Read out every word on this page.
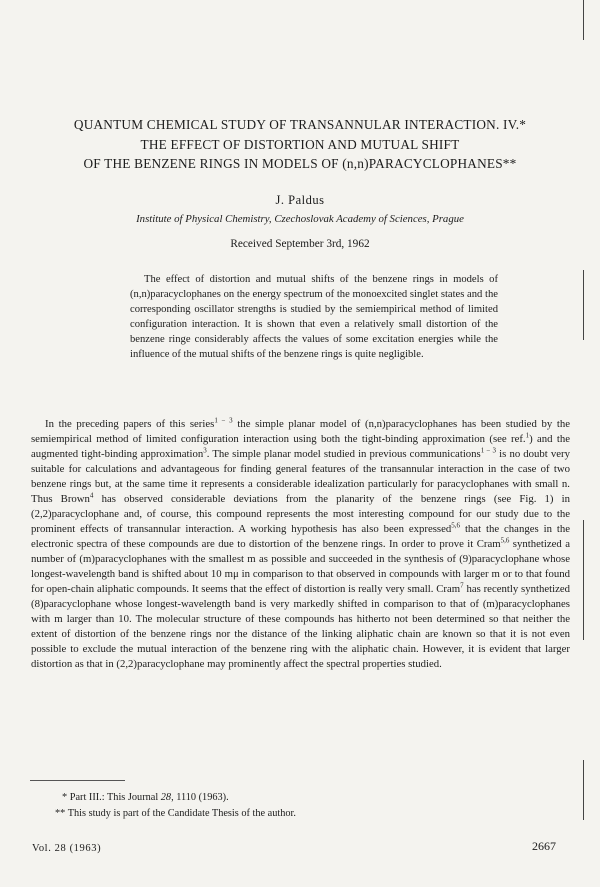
QUANTUM CHEMICAL STUDY OF TRANSANNULAR INTERACTION. IV.*
THE EFFECT OF DISTORTION AND MUTUAL SHIFT
OF THE BENZENE RINGS IN MODELS OF (n,n)PARACYCLOPHANES**
J. Paldus
Institute of Physical Chemistry, Czechoslovak Academy of Sciences, Prague
Received September 3rd, 1962
The effect of distortion and mutual shifts of the benzene rings in models of (n,n)paracyclophanes on the energy spectrum of the monoexcited singlet states and the corresponding oscillator strengths is studied by the semiempirical method of limited configuration interaction. It is shown that even a relatively small distortion of the benzene ringe considerably affects the values of some excitation energies while the influence of the mutual shifts of the benzene rings is quite negligible.
In the preceding papers of this series$^{1 - 3}$ the simple planar model of (n,n)paracyclophanes has been studied by the semiempirical method of limited configuration interaction using both the tight-binding approximation (see ref.$^1$) and the augmented tight-binding approximation$^3$. The simple planar model studied in previous communications$^{1 - 3}$ is no doubt very suitable for calculations and advantageous for finding general features of the transannular interaction in the case of two benzene rings but, at the same time it represents a considerable idealization particularly for paracyclophanes with small n. Thus Brown$^4$ has observed considerable deviations from the planarity of the benzene rings (see Fig. 1) in (2,2)paracyclophane and, of course, this compound represents the most interesting compound for our study due to the prominent effects of transannular interaction. A working hypothesis has also been expressed$^{5,6}$ that the changes in the electronic spectra of these compounds are due to distortion of the benzene rings. In order to prove it Cram$^{5,6}$ synthetized a number of (m)paracyclophanes with the smallest m as possible and succeeded in the synthesis of (9)paracyclophane whose longest-wavelength band is shifted about 10 mμ in comparison to that observed in compounds with larger m or to that found for open-chain aliphatic compounds. It seems that the effect of distortion is really very small. Cram$^7$ has recently synthetized (8)paracyclophane whose longest-wavelength band is very markedly shifted in comparison to that of (m)paracyclophanes with m larger than 10. The molecular structure of these compounds has hitherto not been determined so that neither the extent of distortion of the benzene rings nor the distance of the linking aliphatic chain are known so that it is not even possible to exclude the mutual interaction of the benzene ring with the aliphatic chain. However, it is evident that larger distortion as that in (2,2)paracyclophane may prominently affect the spectral properties studied.
* Part III.: This Journal 28, 1110 (1963).
** This study is part of the Candidate Thesis of the author.
Vol. 28 (1963)	2667
